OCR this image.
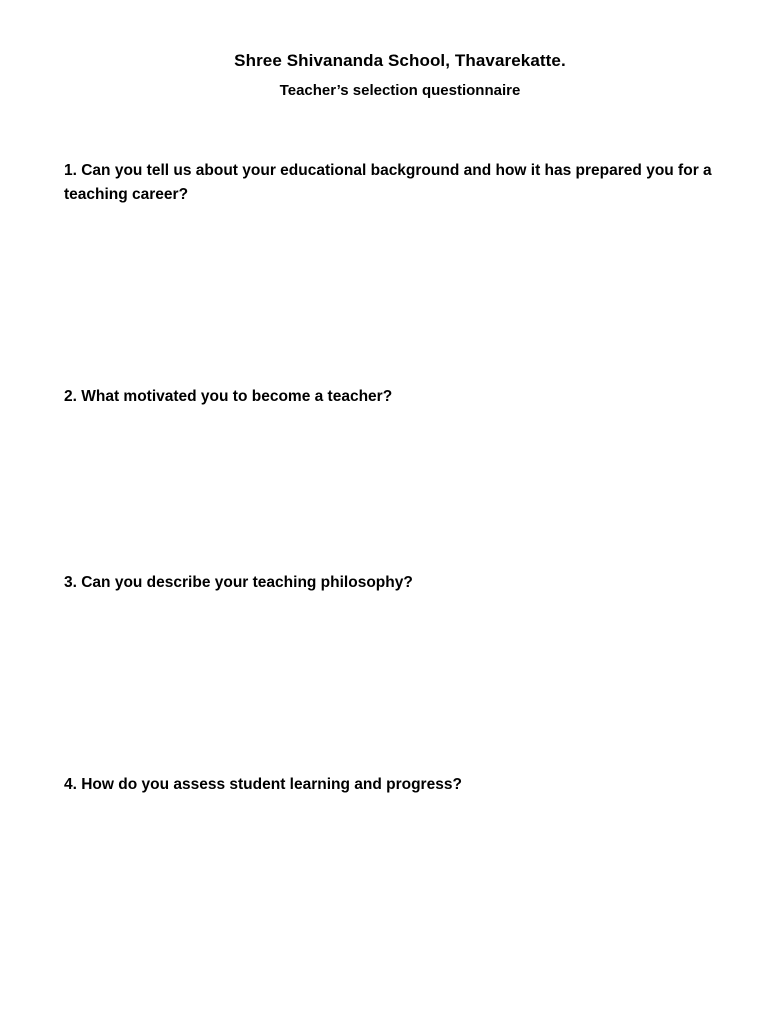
Shree Shivananda School, Thavarekatte.
Teacher’s selection questionnaire
1. Can you tell us about your educational background and how it has prepared you for a teaching career?
2. What motivated you to become a teacher?
3. Can you describe your teaching philosophy?
4. How do you assess student learning and progress?
